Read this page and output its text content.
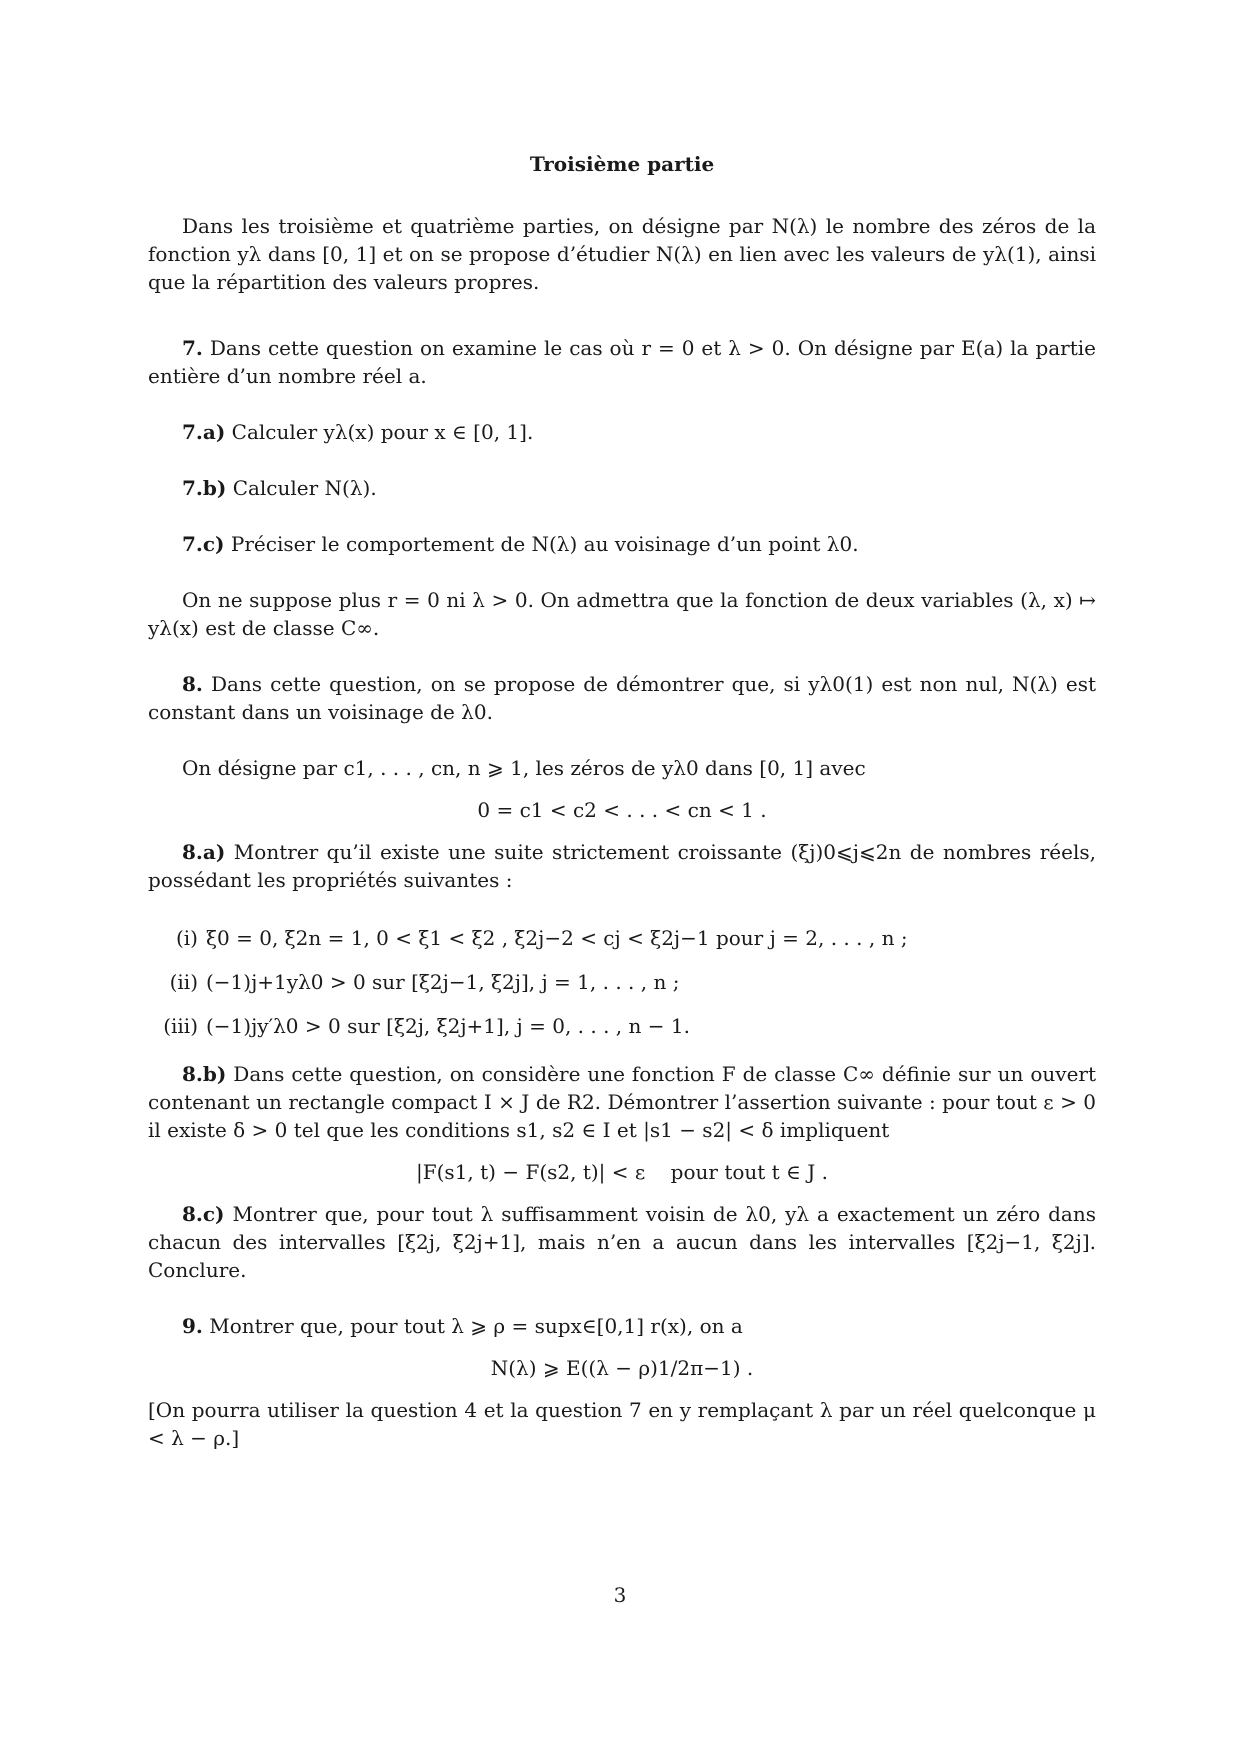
Troisième partie

Dans les troisième et quatrième parties, on désigne par N(λ) le nombre des zéros de la fonction yλ dans [0, 1] et on se propose d’étudier N(λ) en lien avec les valeurs de yλ(1), ainsi que la répartition des valeurs propres.

7. Dans cette question on examine le cas où r = 0 et λ > 0. On désigne par E(a) la partie entière d’un nombre réel a.

7.a) Calculer yλ(x) pour x ∈ [0, 1].

7.b) Calculer N(λ).

7.c) Préciser le comportement de N(λ) au voisinage d’un point λ0.

On ne suppose plus r = 0 ni λ > 0. On admettra que la fonction de deux variables (λ, x) ↦ yλ(x) est de classe C∞.

8. Dans cette question, on se propose de démontrer que, si yλ0(1) est non nul, N(λ) est constant dans un voisinage de λ0.

On désigne par c1, . . . , cn, n ⩾ 1, les zéros de yλ0 dans [0, 1] avec

0 = c1 < c2 < . . . < cn < 1 .

8.a) Montrer qu’il existe une suite strictement croissante (ξj)0⩽j⩽2n de nombres réels, possédant les propriétés suivantes :

(i) ξ0 = 0, ξ2n = 1, 0 < ξ1 < ξ2 , ξ2j−2 < cj < ξ2j−1 pour j = 2, . . . , n ;
(ii) (−1)j+1yλ0 > 0 sur [ξ2j−1, ξ2j], j = 1, . . . , n ;
(iii) (−1)jy′λ0 > 0 sur [ξ2j, ξ2j+1], j = 0, . . . , n − 1.

8.b) Dans cette question, on considère une fonction F de classe C∞ définie sur un ouvert contenant un rectangle compact I × J de R2. Démontrer l’assertion suivante : pour tout ε > 0 il existe δ > 0 tel que les conditions s1, s2 ∈ I et |s1 − s2| < δ impliquent

|F(s1, t) − F(s2, t)| < ε    pour tout t ∈ J .

8.c) Montrer que, pour tout λ suffisamment voisin de λ0, yλ a exactement un zéro dans chacun des intervalles [ξ2j, ξ2j+1], mais n’en a aucun dans les intervalles [ξ2j−1, ξ2j]. Conclure.

9. Montrer que, pour tout λ ⩾ ρ = supx∈[0,1] r(x), on a

N(λ) ⩾ E((λ − ρ)1/2π−1) .

[On pourra utiliser la question 4 et la question 7 en y remplaçant λ par un réel quelconque μ < λ − ρ.]

3
